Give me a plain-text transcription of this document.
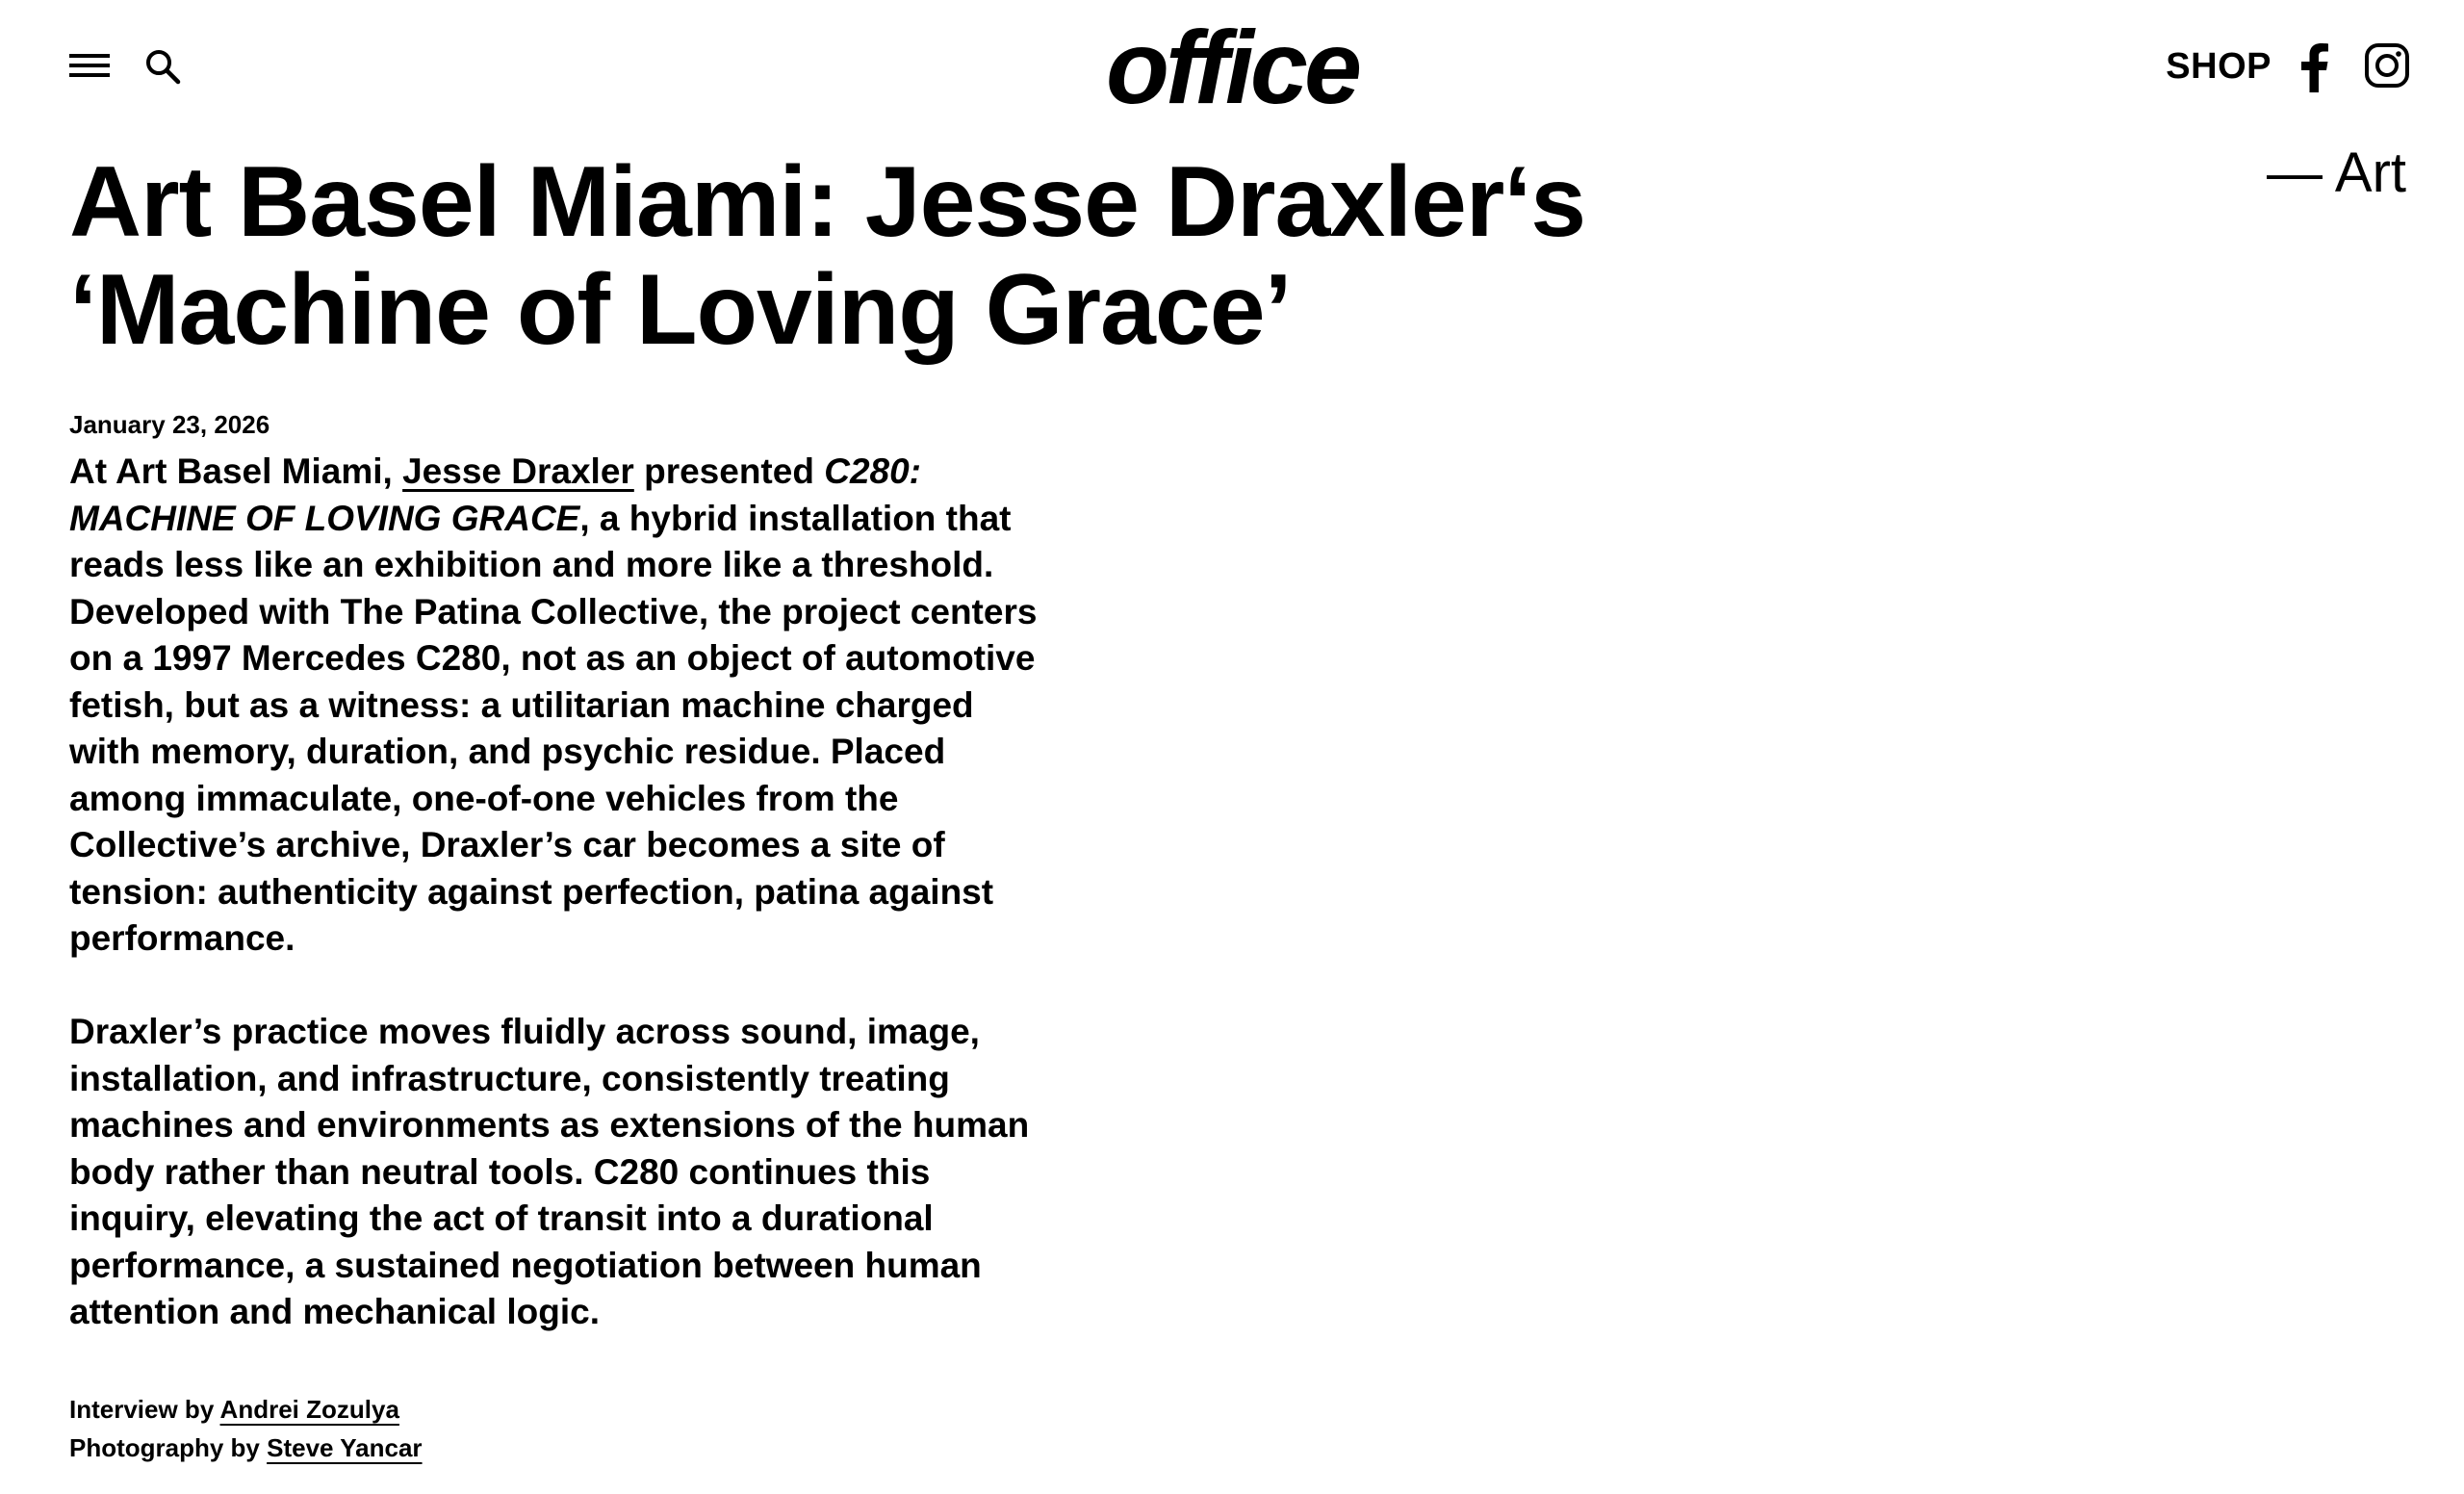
office	SHOP
— Art
Art Basel Miami: Jesse Draxler‘s
‘Machine of Loving Grace’
January 23, 2026

At Art Basel Miami, Jesse Draxler presented C280: MACHINE OF LOVING GRACE, a hybrid installation that reads less like an exhibition and more like a threshold. Developed with The Patina Collective, the project centers on a 1997 Mercedes C280, not as an object of automotive fetish, but as a witness: a utilitarian machine charged with memory, duration, and psychic residue. Placed among immaculate, one-of-one vehicles from the Collective’s archive, Draxler’s car becomes a site of tension: authenticity against perfection, patina against performance.

Draxler’s practice moves fluidly across sound, image, installation, and infrastructure, consistently treating machines and environments as extensions of the human body rather than neutral tools. C280 continues this inquiry, elevating the act of transit into a durational performance, a sustained negotiation between human attention and mechanical logic.

Interview by Andrei Zozulya
Photography by Steve Yancar
